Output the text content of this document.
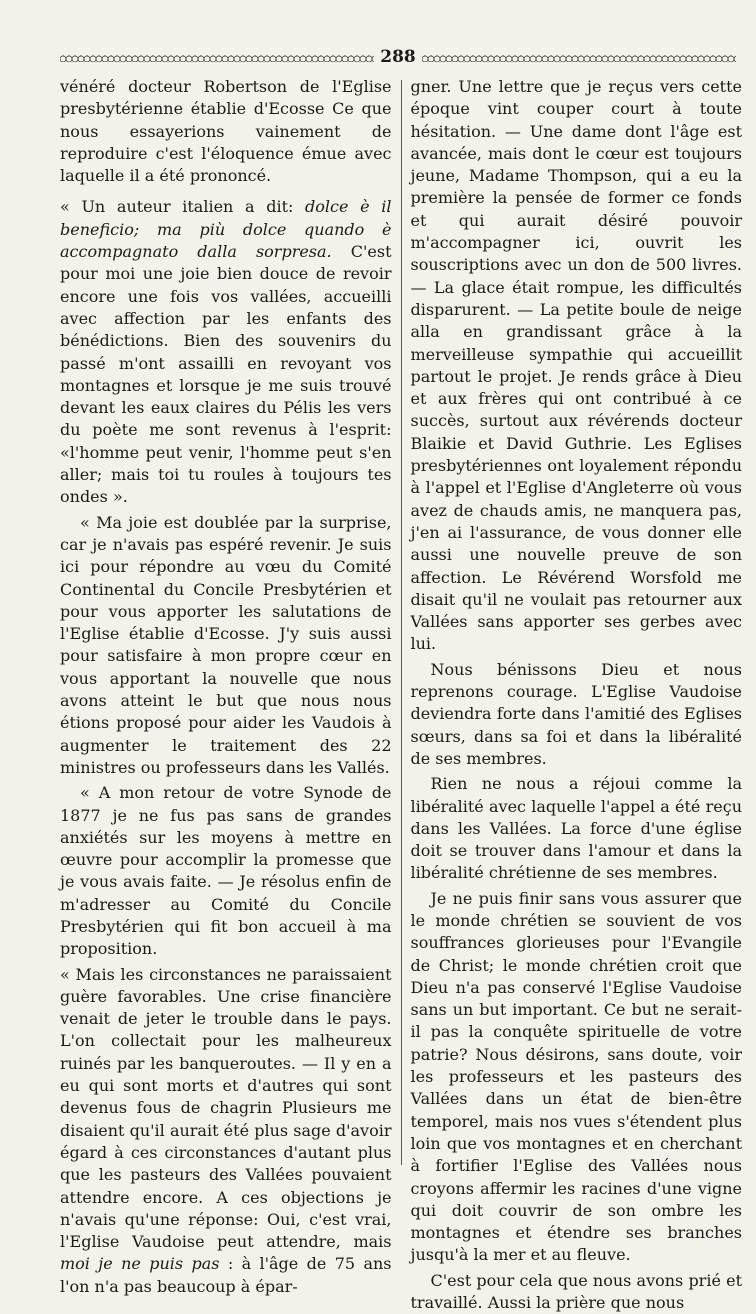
288

vénéré docteur Robertson de l'Eglise presbytérienne établie d'Ecosse Ce que nous essayerions vainement de reproduire c'est l'éloquence émue avec laquelle il a été prononcé.

« Un auteur italien a dit: dolce è il beneficio; ma più dolce quando è accompagnato dalla sorpresa. C'est pour moi une joie bien douce de revoir encore une fois vos vallées, accueilli avec affection par les enfants des bénédictions. Bien des souvenirs du passé m'ont assailli en revoyant vos montagnes et lorsque je me suis trouvé devant les eaux claires du Pélis les vers du poète me sont revenus à l'esprit: «l'homme peut venir, l'homme peut s'en aller; mais toi tu roules à toujours tes ondes ».

« Ma joie est doublée par la surprise, car je n'avais pas espéré revenir. Je suis ici pour répondre au vœu du Comité Continental du Concile Presbytérien et pour vous apporter les salutations de l'Eglise établie d'Ecosse. J'y suis aussi pour satisfaire à mon propre cœur en vous apportant la nouvelle que nous avons atteint le but que nous nous étions proposé pour aider les Vaudois à augmenter le traitement des 22 ministres ou professeurs dans les Vallés.

« A mon retour de votre Synode de 1877 je ne fus pas sans de grandes anxiétés sur les moyens à mettre en œuvre pour accomplir la promesse que je vous avais faite. — Je résolus enfin de m'adresser au Comité du Concile Presbytérien qui fit bon accueil à ma proposition.

« Mais les circonstances ne paraissaient guère favorables. Une crise financière venait de jeter le trouble dans le pays. L'on collectait pour les malheureux ruinés par les banqueroutes. — Il y en a eu qui sont morts et d'autres qui sont devenus fous de chagrin Plusieurs me disaient qu'il aurait été plus sage d'avoir égard à ces circonstances d'autant plus que les pasteurs des Vallées pouvaient attendre encore. A ces objections je n'avais qu'une réponse: Oui, c'est vrai, l'Eglise Vaudoise peut attendre, mais moi je ne puis pas : à l'âge de 75 ans l'on n'a pas beaucoup à épar-

gner. Une lettre que je reçus vers cette époque vint couper court à toute hésitation. — Une dame dont l'âge est avancée, mais dont le cœur est toujours jeune, Madame Thompson, qui a eu la première la pensée de former ce fonds et qui aurait désiré pouvoir m'accompagner ici, ouvrit les souscriptions avec un don de 500 livres. — La glace était rompue, les difficultés disparurent. — La petite boule de neige alla en grandissant grâce à la merveilleuse sympathie qui accueillit partout le projet. Je rends grâce à Dieu et aux frères qui ont contribué à ce succès, surtout aux révérends docteur Blaikie et David Guthrie. Les Eglises presbytériennes ont loyalement répondu à l'appel et l'Eglise d'Angleterre où vous avez de chauds amis, ne manquera pas, j'en ai l'assurance, de vous donner elle aussi une nouvelle preuve de son affection. Le Révérend Worsfold me disait qu'il ne voulait pas retourner aux Vallées sans apporter ses gerbes avec lui.

Nous bénissons Dieu et nous reprenons courage. L'Eglise Vaudoise deviendra forte dans l'amitié des Eglises sœurs, dans sa foi et dans la libéralité de ses membres.

Rien ne nous a réjoui comme la libéralité avec laquelle l'appel a été reçu dans les Vallées. La force d'une église doit se trouver dans l'amour et dans la libéralité chrétienne de ses membres.

Je ne puis finir sans vous assurer que le monde chrétien se souvient de vos souffrances glorieuses pour l'Evangile de Christ; le monde chrétien croit que Dieu n'a pas conservé l'Eglise Vaudoise sans un but important. Ce but ne serait-il pas la conquête spirituelle de votre patrie? Nous désirons, sans doute, voir les professeurs et les pasteurs des Vallées dans un état de bien-être temporel, mais nos vues s'étendent plus loin que vos montagnes et en cherchant à fortifier l'Eglise des Vallées nous croyons affermir les racines d'une vigne qui doit couvrir de son ombre les montagnes et étendre ses branches jusqu'à la mer et au fleuve.

C'est pour cela que nous avons prié et travaillé. Aussi la prière que nous
